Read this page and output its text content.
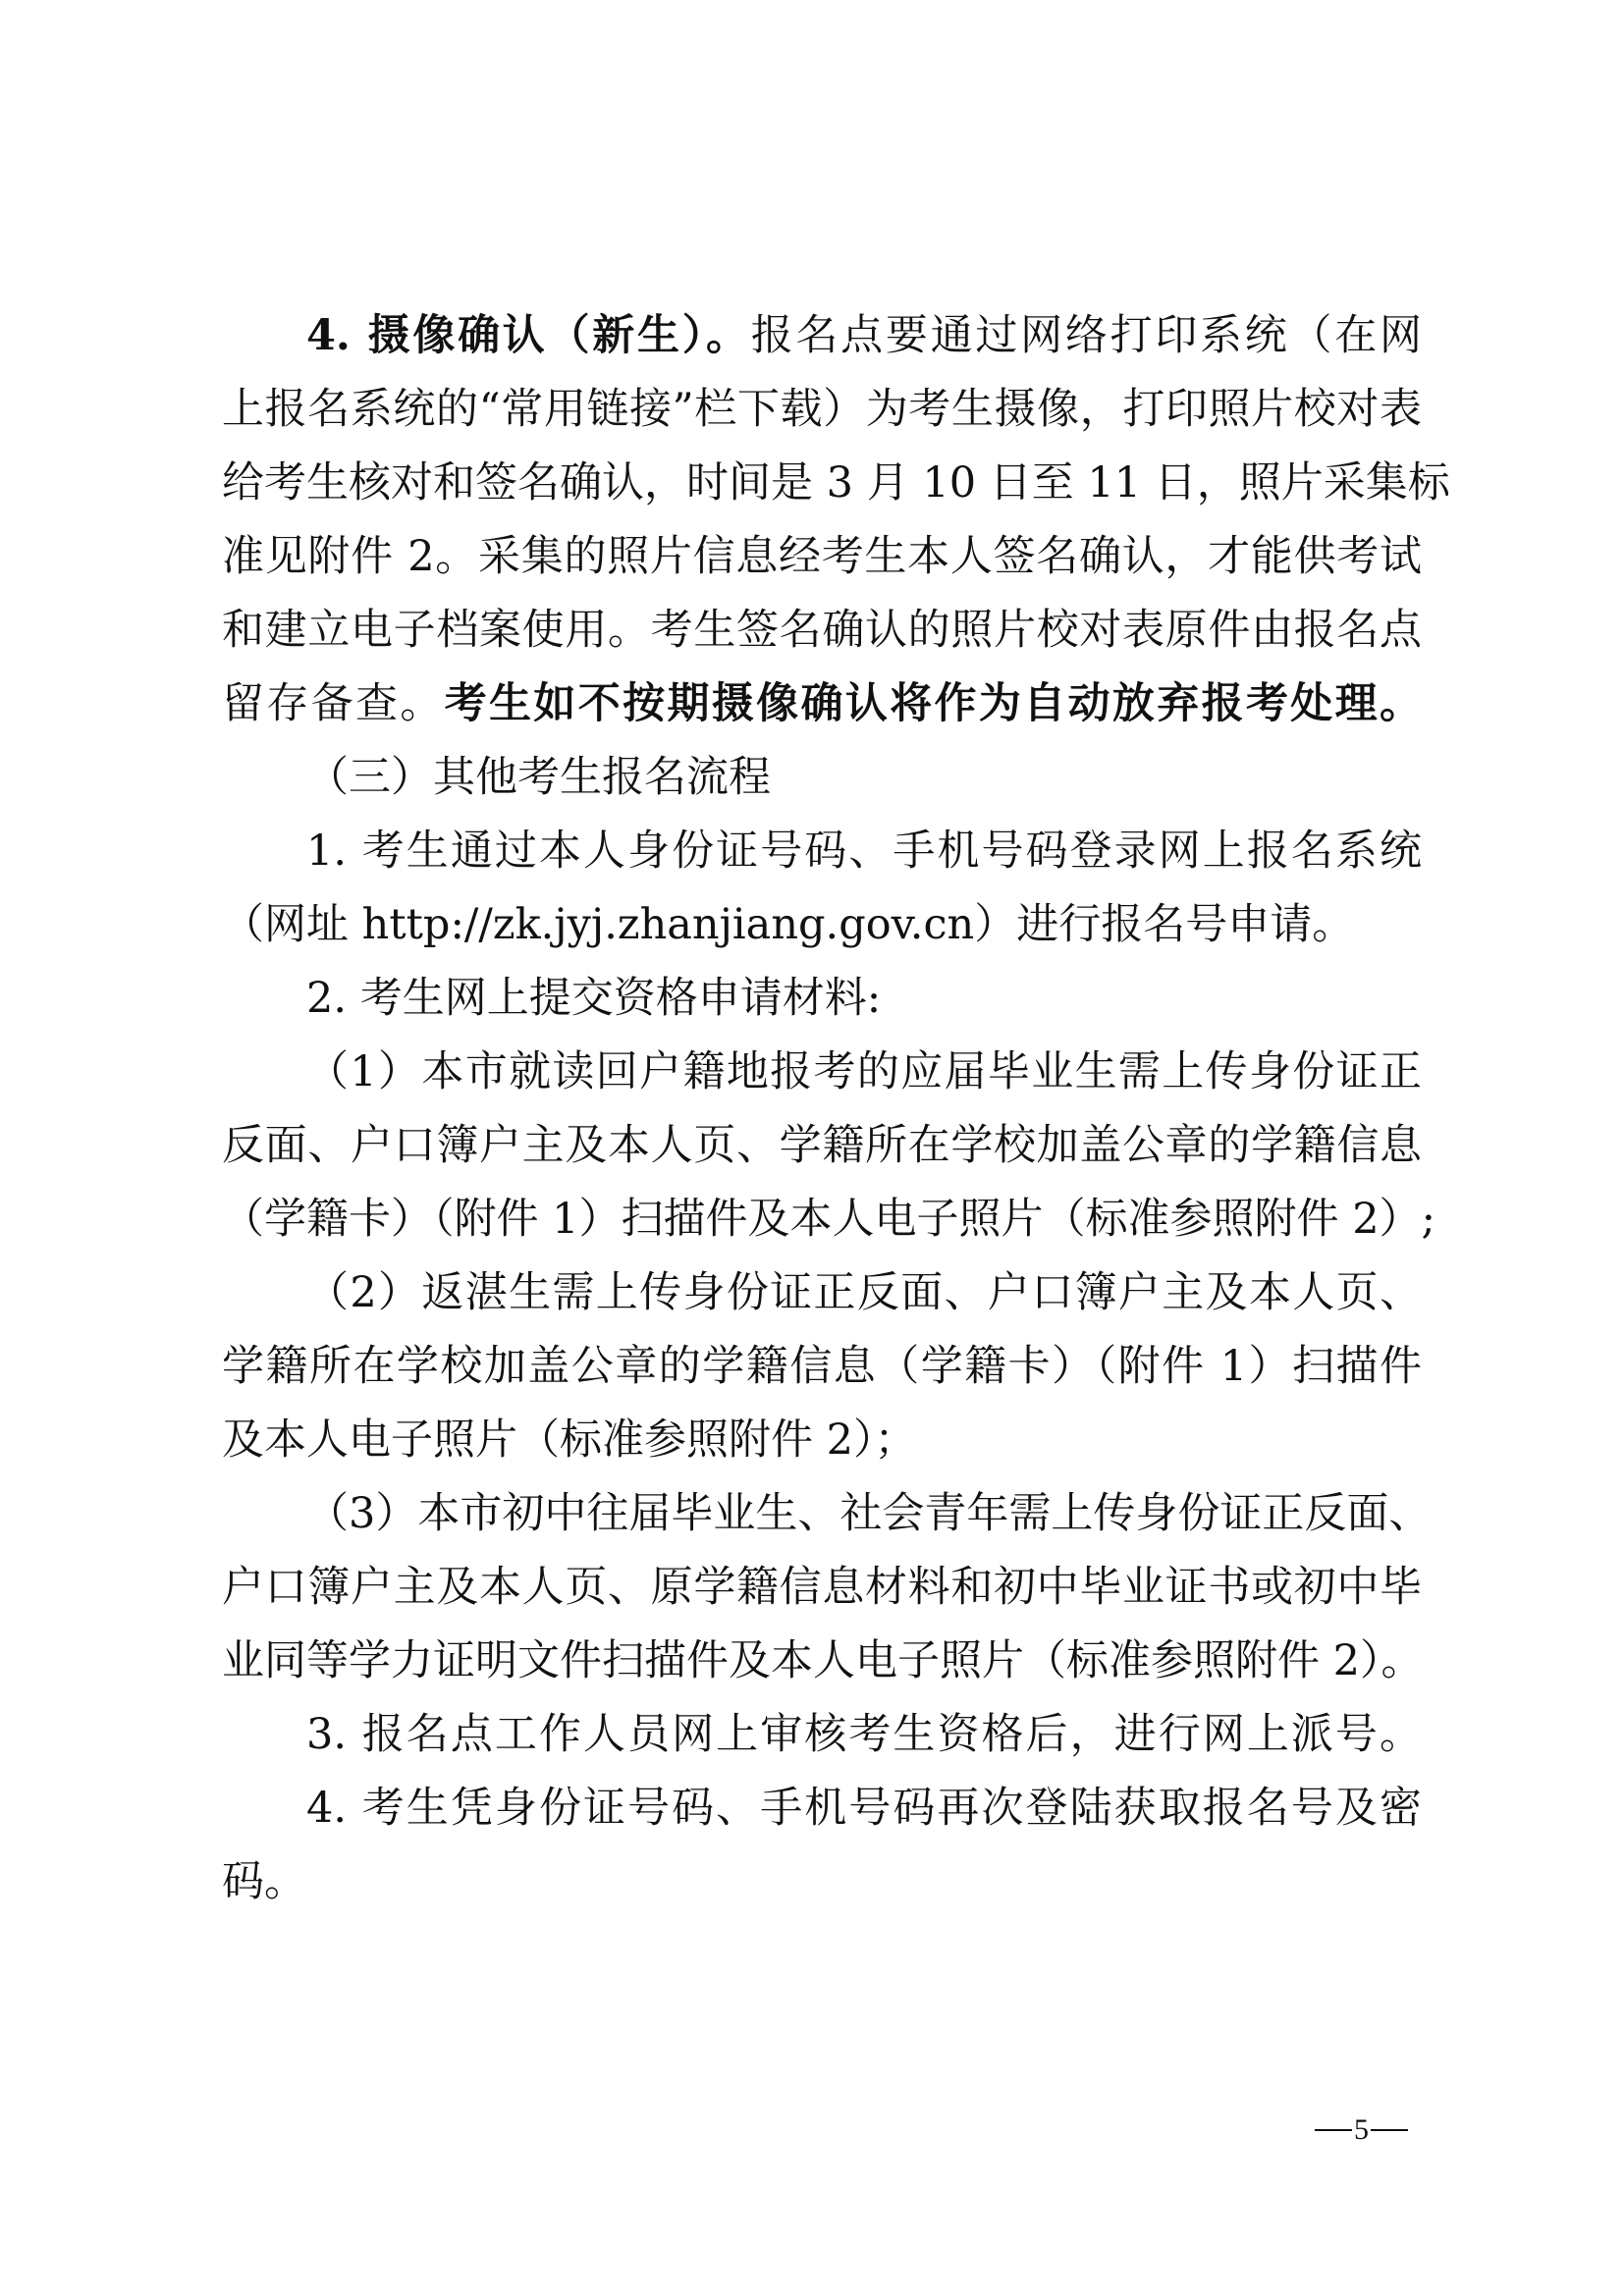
4. 摄像确认（新生）。报名点要通过网络打印系统（在网
上报名系统的“常用链接”栏下载）为考生摄像，打印照片校对表
给考生核对和签名确认，时间是 3 月 10 日至 11 日，照片采集标
准见附件 2。采集的照片信息经考生本人签名确认，才能供考试
和建立电子档案使用。考生签名确认的照片校对表原件由报名点
留存备查。考生如不按期摄像确认将作为自动放弃报考处理。
（三）其他考生报名流程
1. 考生通过本人身份证号码、手机号码登录网上报名系统
（网址 http://zk.jyj.zhanjiang.gov.cn）进行报名号申请。
2. 考生网上提交资格申请材料:
（1）本市就读回户籍地报考的应届毕业生需上传身份证正
反面、户口簿户主及本人页、学籍所在学校加盖公章的学籍信息
（学籍卡）（附件 1）扫描件及本人电子照片（标准参照附件 2）;
（2）返湛生需上传身份证正反面、户口簿户主及本人页、
学籍所在学校加盖公章的学籍信息（学籍卡）（附件 1）扫描件
及本人电子照片（标准参照附件 2）；
（3）本市初中往届毕业生、社会青年需上传身份证正反面、
户口簿户主及本人页、原学籍信息材料和初中毕业证书或初中毕
业同等学力证明文件扫描件及本人电子照片（标准参照附件 2）。
3. 报名点工作人员网上审核考生资格后，进行网上派号。
4. 考生凭身份证号码、手机号码再次登陆获取报名号及密
码。
5
